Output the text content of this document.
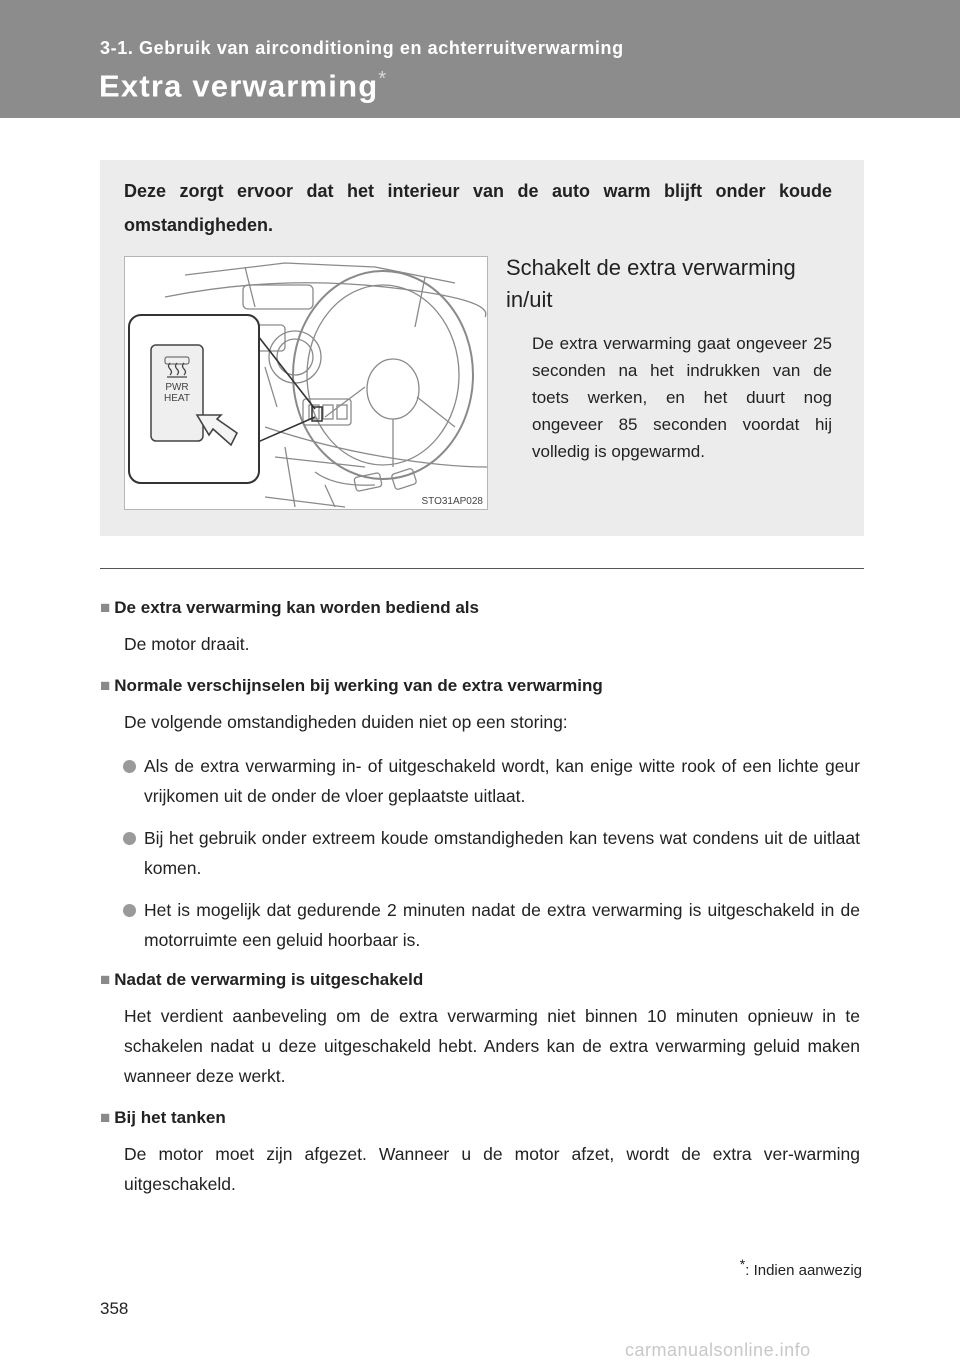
3-1. Gebruik van airconditioning en achterruitverwarming
Extra verwarming*
Deze zorgt ervoor dat het interieur van de auto warm blijft onder koude omstandigheden.
PWR
HEAT
STO31AP028
Schakelt de extra verwarming in/uit
De extra verwarming gaat ongeveer 25 seconden na het indrukken van de toets werken, en het duurt nog ongeveer 85 seconden voordat hij volledig is opgewarmd.
■ De extra verwarming kan worden bediend als
De motor draait.
■ Normale verschijnselen bij werking van de extra verwarming
De volgende omstandigheden duiden niet op een storing:
Als de extra verwarming in- of uitgeschakeld wordt, kan enige witte rook of een lichte geur vrijkomen uit de onder de vloer geplaatste uitlaat.
Bij het gebruik onder extreem koude omstandigheden kan tevens wat condens uit de uitlaat komen.
Het is mogelijk dat gedurende 2 minuten nadat de extra verwarming is uitgeschakeld in de motorruimte een geluid hoorbaar is.
■ Nadat de verwarming is uitgeschakeld
Het verdient aanbeveling om de extra verwarming niet binnen 10 minuten opnieuw in te schakelen nadat u deze uitgeschakeld hebt. Anders kan de extra verwarming geluid maken wanneer deze werkt.
■ Bij het tanken
De motor moet zijn afgezet. Wanneer u de motor afzet, wordt de extra ver-warming uitgeschakeld.
*: Indien aanwezig
358
carmanualsonline.info
